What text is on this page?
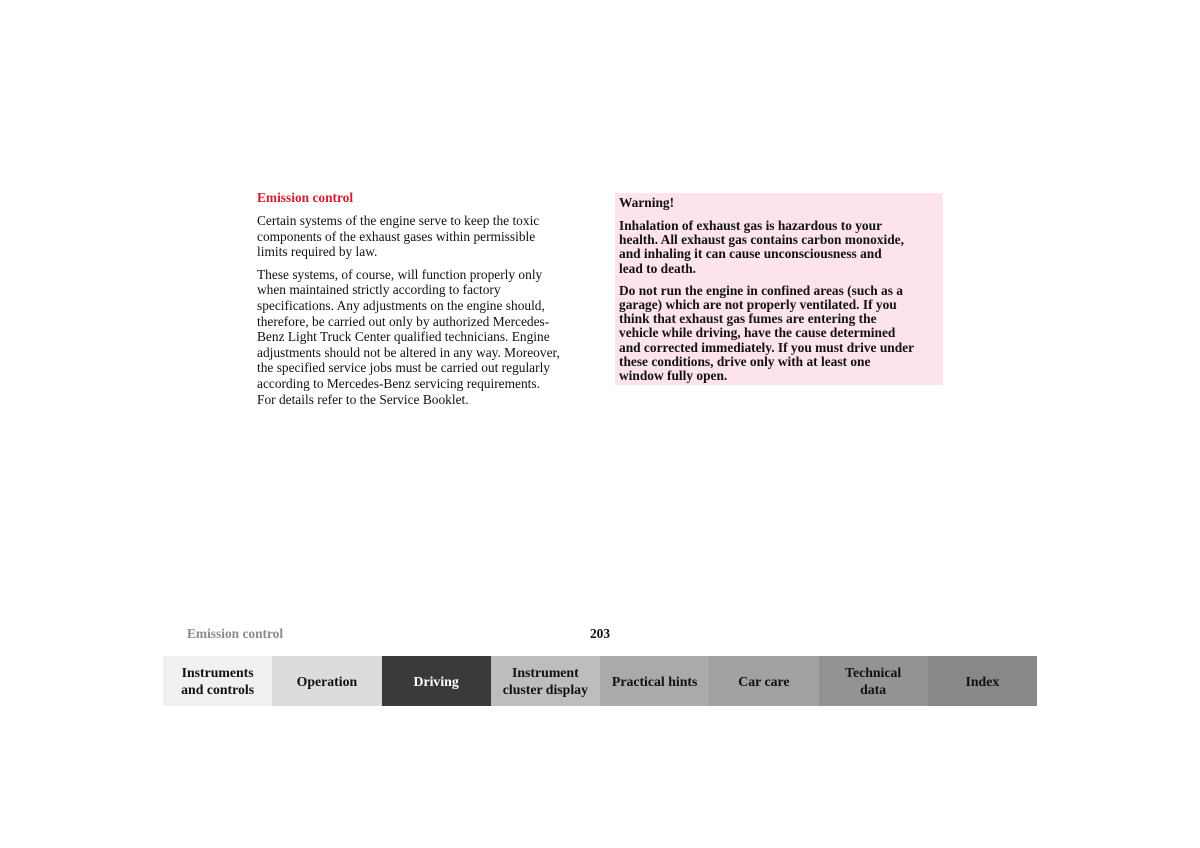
Emission control

Certain systems of the engine serve to keep the toxic
components of the exhaust gases within permissible
limits required by law.

These systems, of course, will function properly only
when maintained strictly according to factory
specifications. Any adjustments on the engine should,
therefore, be carried out only by authorized Mercedes-
Benz Light Truck Center qualified technicians. Engine
adjustments should not be altered in any way. Moreover,
the specified service jobs must be carried out regularly
according to Mercedes-Benz servicing requirements.
For details refer to the Service Booklet.

Warning!

Inhalation of exhaust gas is hazardous to your
health. All exhaust gas contains carbon monoxide,
and inhaling it can cause unconsciousness and
lead to death.

Do not run the engine in confined areas (such as a
garage) which are not properly ventilated. If you
think that exhaust gas fumes are entering the
vehicle while driving, have the cause determined
and corrected immediately. If you must drive under
these conditions, drive only with at least one
window fully open.

Emission control	203
Instruments
and controls
Operation	Driving
Instrument
cluster display
Practical hints	Car care
Technical
data
Index
